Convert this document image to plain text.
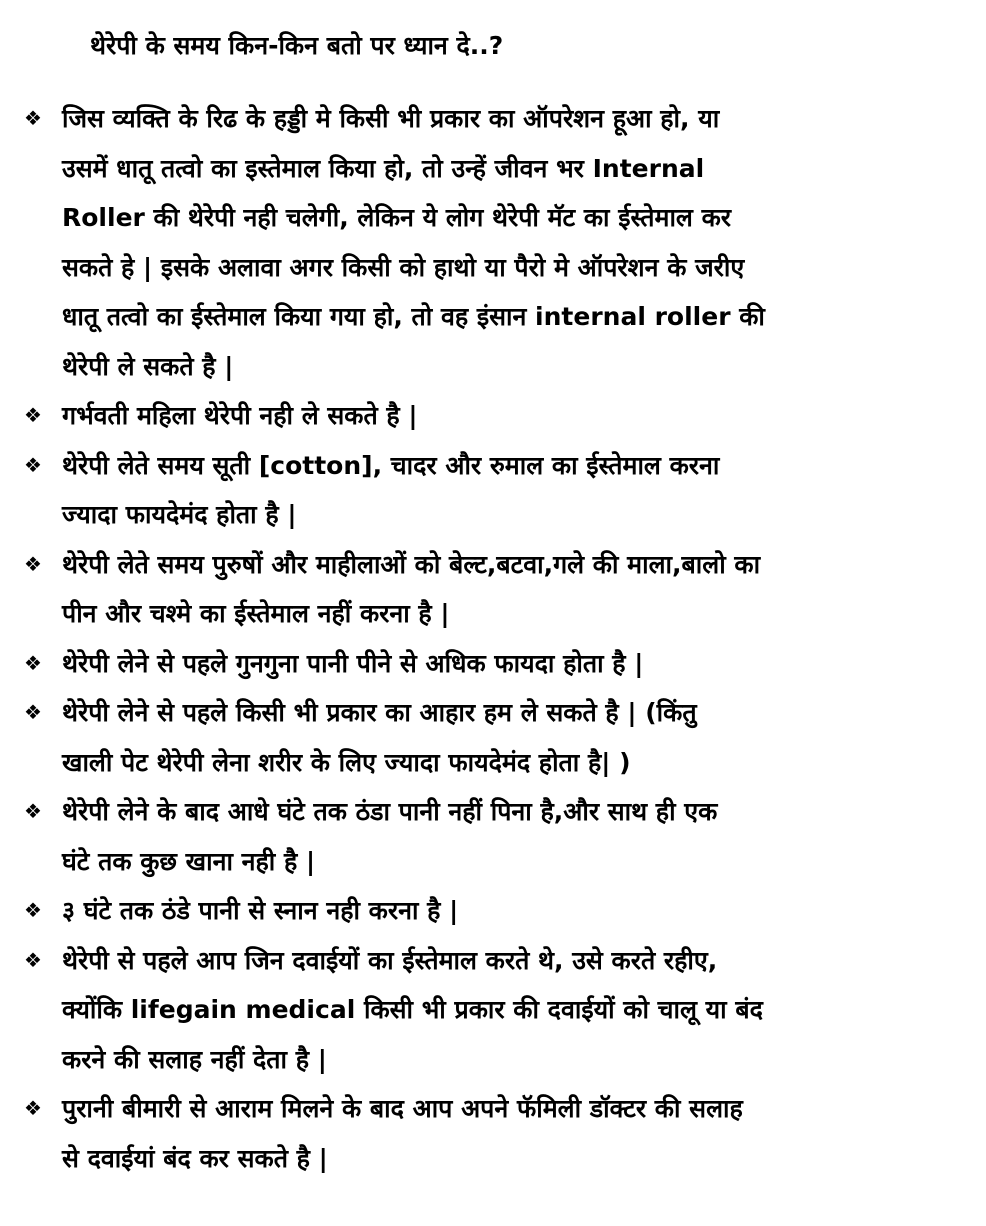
थेरेपी के समय किन-किन बतो पर ध्यान दे..?
❖ जिस व्यक्ति के रिढ के हड्डी मे किसी भी प्रकार का ऑपरेशन हूआ हो, या
उसमें धातू तत्वो का इस्तेमाल किया हो, तो उन्हें जीवन भर Internal
Roller की थेरेपी नही चलेगी, लेकिन ये लोग थेरेपी मॅट का ईस्तेमाल कर
सकते हे | इसके अलावा अगर किसी को हाथो या पैरो मे ऑपरेशन के जरीए
धातू तत्वो का ईस्तेमाल किया गया हो, तो वह इंसान internal roller की
थेरेपी ले सकते है |
❖ गर्भवती महिला थेरेपी नही ले सकते है |
❖ थेरेपी लेते समय सूती [cotton], चादर और रुमाल का ईस्तेमाल करना
ज्यादा फायदेमंद होता है |
❖ थेरेपी लेते समय पुरुषों और माहीलाओं को बेल्ट,बटवा,गले की माला,बालो का
पीन और चश्मे का ईस्तेमाल नहीं करना है |
❖ थेरेपी लेने से पहले गुनगुना पानी पीने से अधिक फायदा होता है |
❖ थेरेपी लेने से पहले किसी भी प्रकार का आहार हम ले सकते है | (किंतु
खाली पेट थेरेपी लेना शरीर के लिए ज्यादा फायदेमंद होता है| )
❖ थेरेपी लेने के बाद आधे घंटे तक ठंडा पानी नहीं पिना है,और साथ ही एक
घंटे तक कुछ खाना नही है |
❖ ३ घंटे तक ठंडे पानी से स्नान नही करना है |
❖ थेरेपी से पहले आप जिन दवाईयों का ईस्तेमाल करते थे, उसे करते रहीए,
क्योंकि lifegain medical किसी भी प्रकार की दवाईयों को चालू या बंद
करने की सलाह नहीं देता है |
❖ पुरानी बीमारी से आराम मिलने के बाद आप अपने फॅमिली डॉक्टर की सलाह
से दवाईयां बंद कर सकते है |
